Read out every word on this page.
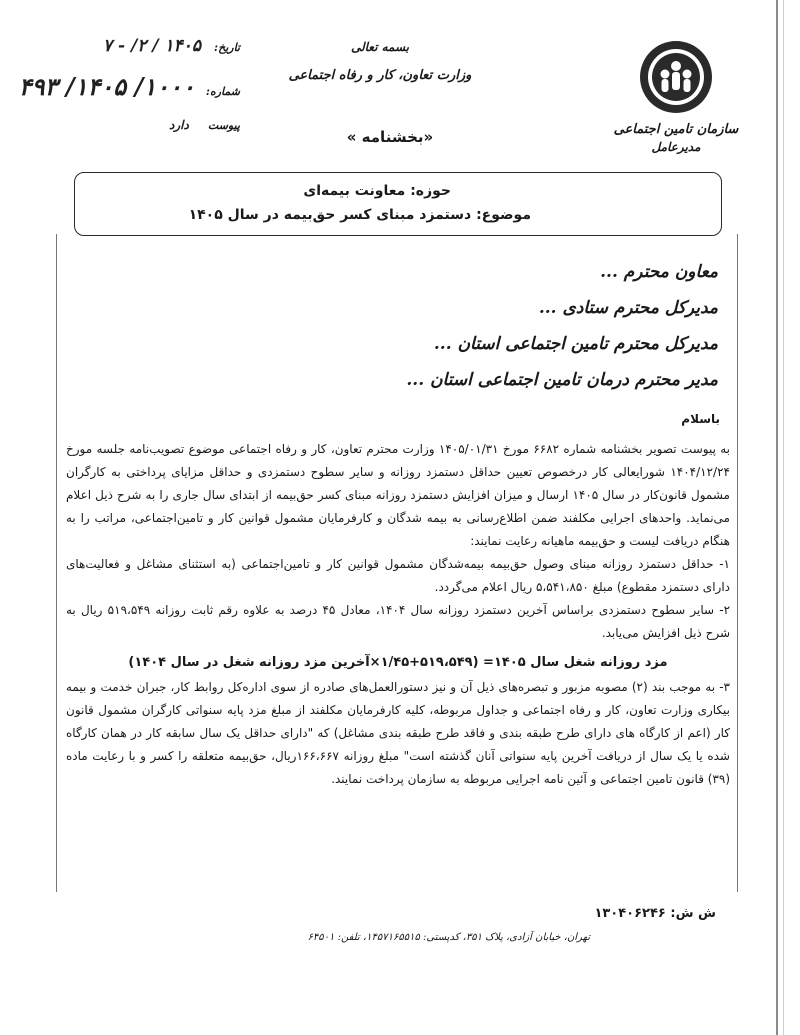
سازمان تامین اجتماعی
مدیرعامل
بسمه تعالی
وزارت تعاون، کار و رفاه اجتماعی
«بخشنامه »
تاریخ: ۱۴۰۵ / ۲/ - ۷
شماره: ۱۰۰۰/ ۱۴۰۵/ ۴۹۳
پیوست دارد
حوزه: معاونت بیمه‌ای
موضوع: دستمزد مبنای کسر حق‌بیمه در سال ۱۴۰۵
معاون محترم ...
مدیرکل محترم ستادی ...
مدیرکل محترم تامین اجتماعی استان ...
مدیر محترم درمان تامین اجتماعی استان ...
باسلام

به پیوست تصویر بخشنامه شماره ۶۶۸۲ مورخ ۱۴۰۵/۰۱/۳۱ وزارت محترم تعاون، کار و رفاه اجتماعی موضوع تصویب‌نامه جلسه مورخ ۱۴۰۴/۱۲/۲۴ شورایعالی کار درخصوص تعیین حداقل دستمزد روزانه و سایر سطوح دستمزدی و حداقل مزایای پرداختی به کارگران مشمول قانون‌کار در سال ۱۴۰۵ ارسال و میزان افزایش دستمزد روزانه مبنای کسر حق‌بیمه از ابتدای سال جاری را به شرح ذیل اعلام می‌نماید. واحدهای اجرایی مکلفند ضمن اطلاع‌رسانی به بیمه شدگان و کارفرمایان مشمول قوانین کار و تامین‌اجتماعی، مراتب را به هنگام دریافت لیست و حق‌بیمه ماهیانه رعایت نمایند:

۱- حداقل دستمزد روزانه مبنای وصول حق‌بیمه بیمه‌شدگان مشمول قوانین کار و تامین‌اجتماعی (به استثنای مشاغل و فعالیت‌های دارای دستمزد مقطوع) مبلغ ۵،۵۴۱،۸۵۰ ریال اعلام می‌گردد.

۲- سایر سطوح دستمزدی براساس آخرین دستمزد روزانه سال ۱۴۰۴، معادل ۴۵ درصد به علاوه رقم ثابت روزانه ۵۱۹،۵۴۹ ریال به شرح ذیل افزایش می‌یابد.

مزد روزانه شغل سال ۱۴۰۵= (۵۱۹،۵۴۹+۱/۴۵×آخرین مزد روزانه شغل در سال ۱۴۰۴)

۳- به موجب بند (۲) مصوبه مزبور و تبصره‌های ذیل آن و نیز دستورالعمل‌های صادره از سوی اداره‌کل روابط کار، جبران خدمت و بیمه بیکاری وزارت تعاون، کار و رفاه اجتماعی و جداول مربوطه، کلیه کارفرمایان مکلفند از مبلغ مزد پایه سنواتی کارگران مشمول قانون کار (اعم از کارگاه های دارای طرح طبقه بندی و فاقد طرح طبقه بندی مشاغل) که "دارای حداقل یک سال سابقه کار در همان کارگاه شده یا یک سال از دریافت آخرین پایه سنواتی آنان گذشته است" مبلغ روزانه ۱۶۶،۶۶۷ریال، حق‌بیمه متعلقه را کسر و با رعایت ماده (۳۹) قانون تامین اجتماعی و آئین نامه اجرایی مربوطه به سازمان پرداخت نمایند.

ش ش: ۱۳۰۴۰۶۲۴۶
تهران، خیابان آزادی، پلاک ۳۵۱، کدپستی: ۱۴۵۷۱۶۵۵۱۵، تلفن: ۶۴۵۰۱
